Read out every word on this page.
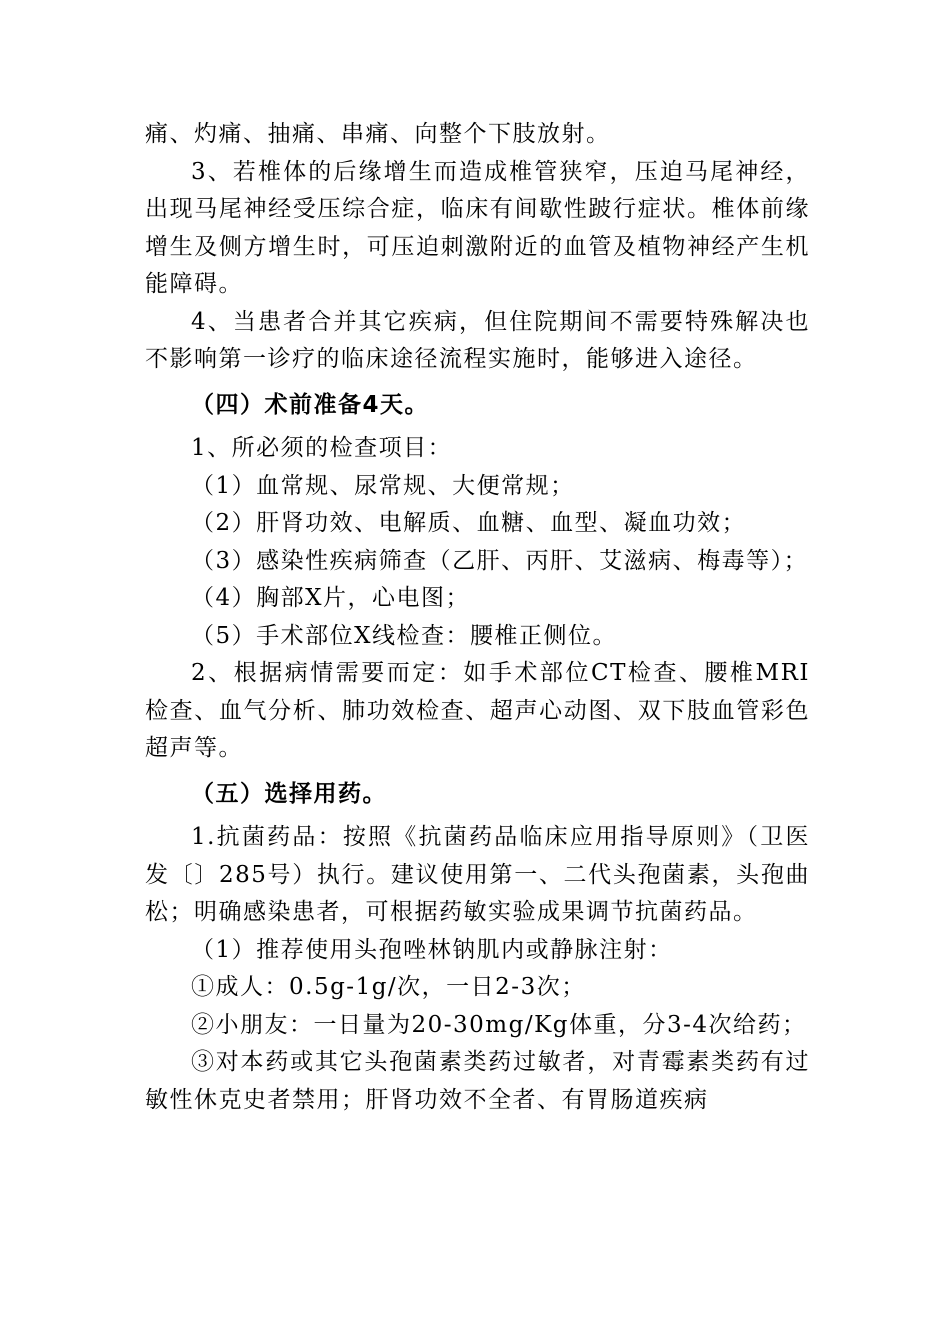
痛、灼痛、抽痛、串痛、向整个下肢放射。

3、若椎体的后缘增生而造成椎管狭窄，压迫马尾神经，出现马尾神经受压综合症，临床有间歇性跛行症状。椎体前缘增生及侧方增生时，可压迫刺激附近的血管及植物神经产生机能障碍。

4、当患者合并其它疾病，但住院期间不需要特殊解决也不影响第一诊疗的临床途径流程实施时，能够进入途径。

（四）术前准备4天。

1、所必须的检查项目：

（1）血常规、尿常规、大便常规；

（2）肝肾功效、电解质、血糖、血型、凝血功效；

（3）感染性疾病筛查（乙肝、丙肝、艾滋病、梅毒等）；

（4）胸部X片，心电图；

（5）手术部位X线检查：腰椎正侧位。

2、根据病情需要而定：如手术部位CT检查、腰椎MRI检查、血气分析、肺功效检查、超声心动图、双下肢血管彩色超声等。

（五）选择用药。

1.抗菌药品：按照《抗菌药品临床应用指导原则》（卫医发〔〕285号）执行。建议使用第一、二代头孢菌素，头孢曲松；明确感染患者，可根据药敏实验成果调节抗菌药品。

（1）推荐使用头孢唑林钠肌内或静脉注射：

①成人：0.5g-1g/次，一日2-3次；

②小朋友：一日量为20-30mg/Kg体重，分3-4次给药；

③对本药或其它头孢菌素类药过敏者，对青霉素类药有过敏性休克史者禁用；肝肾功效不全者、有胃肠道疾病
